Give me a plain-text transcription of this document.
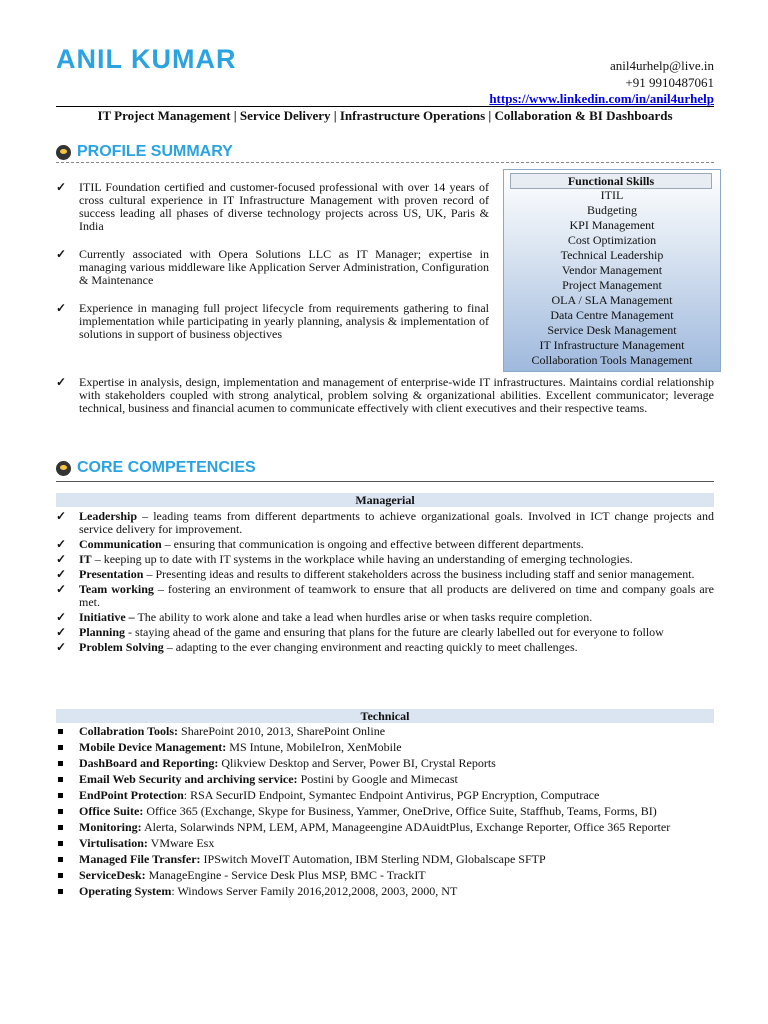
ANIL KUMAR	anil4urhelp@live.in
+91 9910487061
https://www.linkedin.com/in/anil4urhelp
IT Project Management | Service Delivery | Infrastructure Operations | Collaboration & BI Dashboards
PROFILE SUMMARY
✓ ITIL Foundation certified and customer-focused professional with over 14 years of cross cultural experience in IT Infrastructure Management with proven record of success leading all phases of diverse technology projects across US, UK, Paris & India
✓ Currently associated with Opera Solutions LLC as IT Manager; expertise in managing various middleware like Application Server Administration, Configuration & Maintenance
✓ Experience in managing full project lifecycle from requirements gathering to final implementation while participating in yearly planning, analysis & implementation of solutions in support of business objectives
Functional Skills
ITIL
Budgeting
KPI Management
Cost Optimization
Technical Leadership
Vendor Management
Project Management
OLA / SLA Management
Data Centre Management
Service Desk Management
IT Infrastructure Management
Collaboration Tools Management
✓ Expertise in analysis, design, implementation and management of enterprise-wide IT infrastructures. Maintains cordial relationship with stakeholders coupled with strong analytical, problem solving & organizational abilities. Excellent communicator; leverage technical, business and financial acumen to communicate effectively with client executives and their respective teams.
CORE COMPETENCIES
Managerial
✓ Leadership – leading teams from different departments to achieve organizational goals. Involved in ICT change projects and service delivery for improvement.
✓ Communication – ensuring that communication is ongoing and effective between different departments.
✓ IT – keeping up to date with IT systems in the workplace while having an understanding of emerging technologies.
✓ Presentation – Presenting ideas and results to different stakeholders across the business including staff and senior management.
✓ Team working – fostering an environment of teamwork to ensure that all products are delivered on time and company goals are met.
✓ Initiative – The ability to work alone and take a lead when hurdles arise or when tasks require completion.
✓ Planning - staying ahead of the game and ensuring that plans for the future are clearly labelled out for everyone to follow
✓ Problem Solving – adapting to the ever changing environment and reacting quickly to meet challenges.
Technical
Collabration Tools: SharePoint 2010, 2013, SharePoint Online
Mobile Device Management: MS Intune, MobileIron, XenMobile
DashBoard and Reporting: Qlikview Desktop and Server, Power BI, Crystal Reports
Email Web Security and archiving service: Postini by Google and Mimecast
EndPoint Protection: RSA SecurID Endpoint, Symantec Endpoint Antivirus, PGP Encryption, Computrace
Office Suite: Office 365 (Exchange, Skype for Business, Yammer, OneDrive, Office Suite, Staffhub, Teams, Forms, BI)
Monitoring: Alerta, Solarwinds NPM, LEM, APM, Manageengine ADAuidtPlus, Exchange Reporter, Office 365 Reporter
Virtulisation: VMware Esx
Managed File Transfer: IPSwitch MoveIT Automation, IBM Sterling NDM, Globalscape SFTP
ServiceDesk: ManageEngine - Service Desk Plus MSP, BMC - TrackIT
Operating System: Windows Server Family 2016,2012,2008, 2003, 2000, NT
